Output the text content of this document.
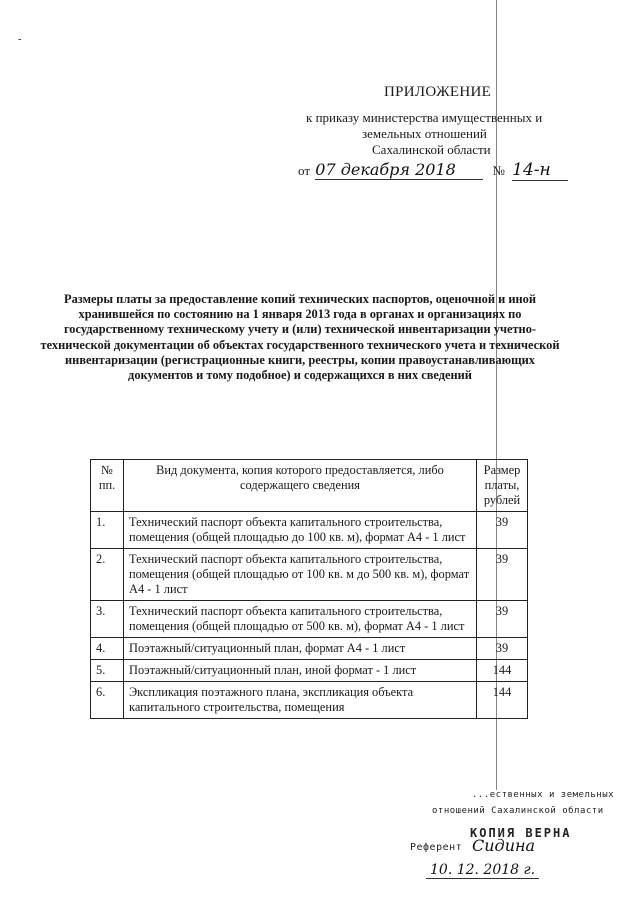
-
ПРИЛОЖЕНИЕ
к приказу министерства имущественных и
земельных отношений
Сахалинской области
от 07 декабря 2018	№ 14-н
Размеры платы за предоставление копий технических паспортов, оценочной и иной хранившейся по состоянию на 1 января 2013 года в органах и организациях по государственному техническому учету и (или) технической инвентаризации учетно-технической документации об объектах государственного технического учета и технической инвентаризации (регистрационные книги, реестры, копии правоустанавливающих документов и тому подобное) и содержащихся в них сведений
№ пп.	Вид документа, копия которого предоставляется, либо содержащего сведения	Размер платы, рублей
1.	Технический паспорт объекта капитального строительства, помещения (общей площадью до 100 кв. м), формат А4 - 1 лист	39
2.	Технический паспорт объекта капитального строительства, помещения (общей площадью от 100 кв. м до 500 кв. м), формат А4 - 1 лист	39
3.	Технический паспорт объекта капитального строительства, помещения (общей площадью от 500 кв. м), формат А4 - 1 лист	39
4.	Поэтажный/ситуационный план, формат А4 - 1 лист	39
5.	Поэтажный/ситуационный план, иной формат - 1 лист	144
6.	Экспликация поэтажного плана, экспликация объекта капитального строительства, помещения	144
...ественных и земельных
отношений Сахалинской области
КОПИЯ ВЕРНА
Референт Сидина
10. 12. 2018 г.
